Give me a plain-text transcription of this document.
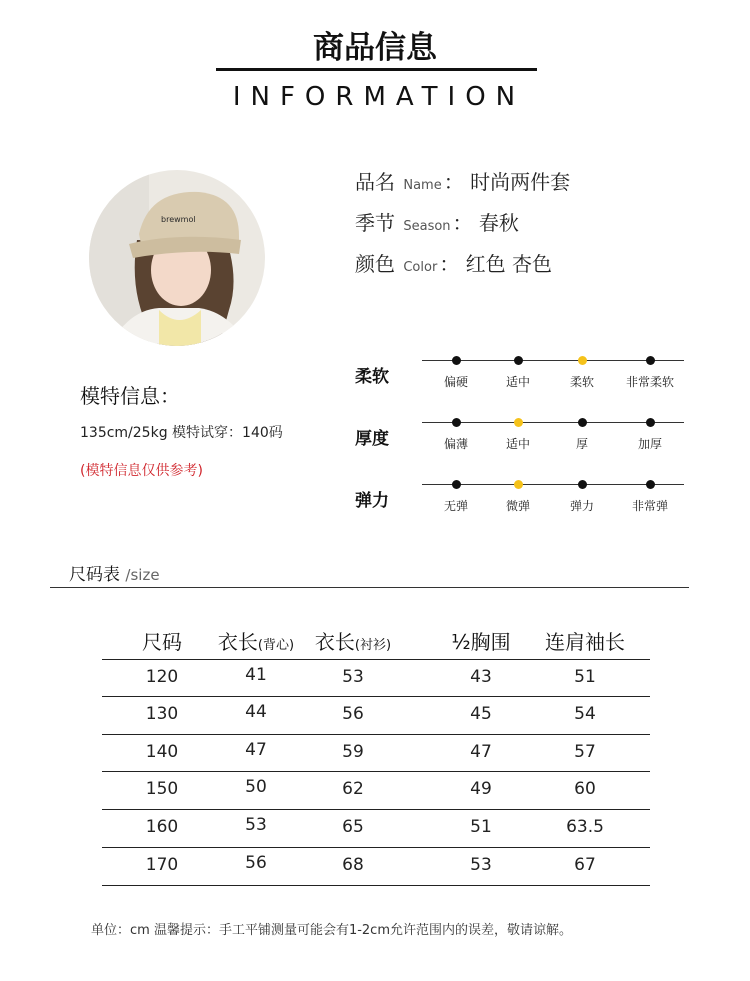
商品信息
INFORMATION
brewmol
模特信息：
135cm/25kg 模特试穿：140码
(模特信息仅供参考)
品名 Name ： 时尚两件套
季节 Season ： 春秋
颜色 Color ： 红色 杏色
柔软	偏硬	适中	柔软	非常柔软
厚度	偏薄	适中	厚	加厚
弹力	无弹	微弹	弹力	非常弹
尺码表 /size
尺码	衣长(背心)	衣长(衬衫)	½胸围	连肩袖长
120	41	53	43	51
130	44	56	45	54
140	47	59	47	57
150	50	62	49	60
160	53	65	51	63.5
170	56	68	53	67
单位：cm 温馨提示：手工平铺测量可能会有1-2cm允许范围内的误差，敬请谅解。
